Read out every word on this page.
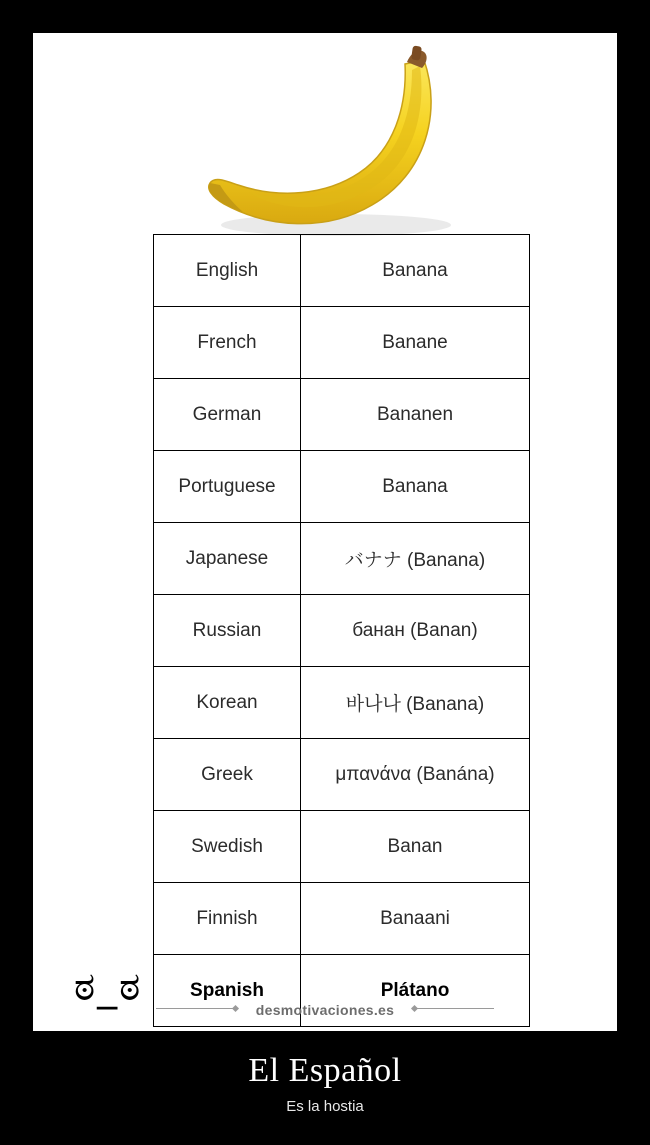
English	Banana
French	Banane
German	Bananen
Portuguese	Banana
Japanese	バナナ (Banana)
Russian	банан (Banan)
Korean	바나나 (Banana)
Greek	μπανάνα (Banána)
Swedish	Banan
Finnish	Banaani
Spanish	Plátano
ಠ_ಠ	desmotivaciones.es
El Español
Es la hostia
